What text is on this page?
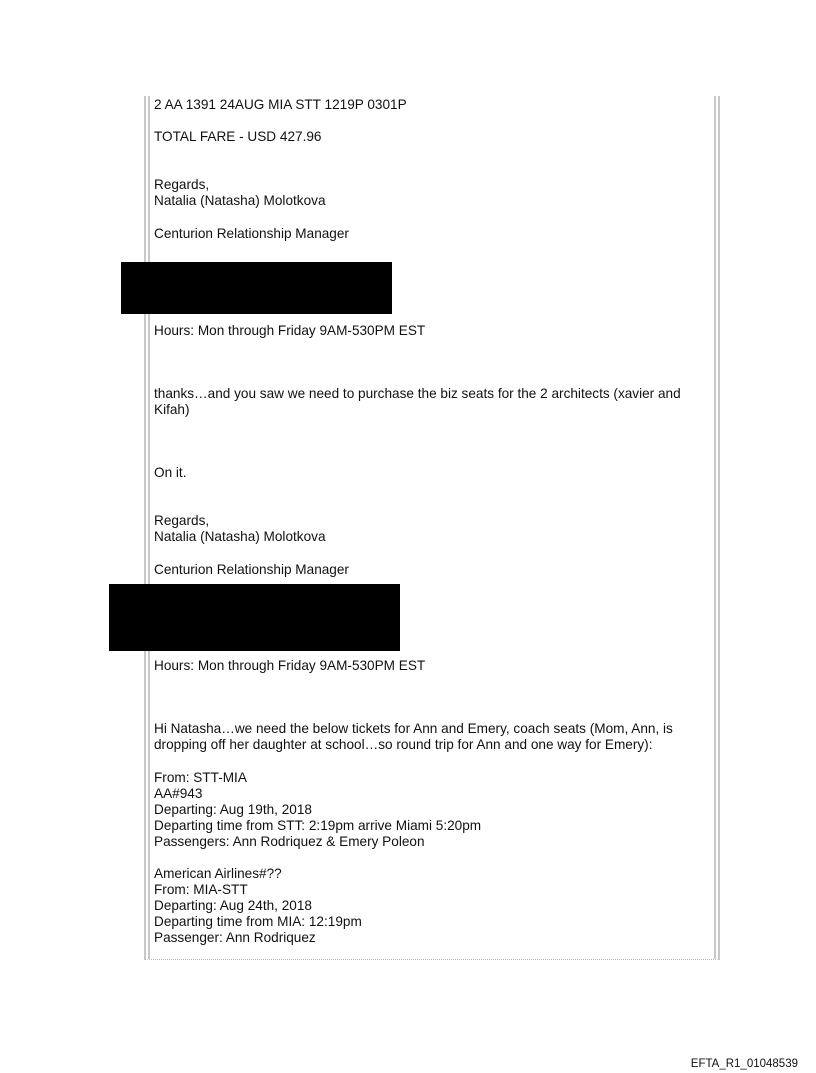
2 AA 1391 24AUG MIA STT 1219P 0301P
TOTAL FARE - USD 427.96
Regards,
Natalia (Natasha) Molotkova
Centurion Relationship Manager
Hours: Mon through Friday 9AM-530PM EST
thanks…and you saw we need to purchase the biz seats for the 2 architects (xavier and Kifah)
On it.
Regards,
Natalia (Natasha) Molotkova
Centurion Relationship Manager
Hours: Mon through Friday 9AM-530PM EST
Hi Natasha…we need the below tickets for Ann and Emery, coach seats (Mom, Ann, is dropping off her daughter at school…so round trip for Ann and one way for Emery):
From: STT-MIA
AA#943
Departing: Aug 19th, 2018
Departing time from STT: 2:19pm arrive Miami 5:20pm
Passengers: Ann Rodriquez & Emery Poleon
American Airlines#??
From: MIA-STT
Departing: Aug 24th, 2018
Departing time from MIA: 12:19pm
Passenger: Ann Rodriquez
EFTA_R1_01048539
